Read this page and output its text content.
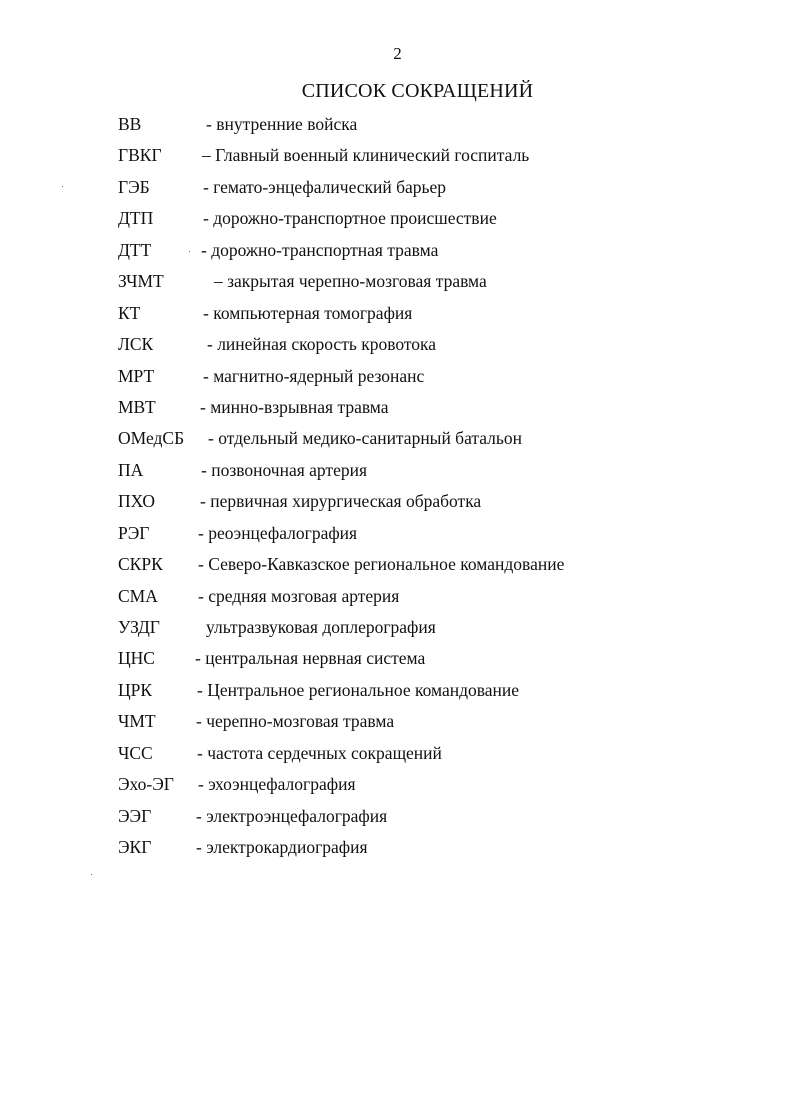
2
СПИСОК СОКРАЩЕНИЙ
ВВ	- внутренние войска
ГВКГ – Главный военный клинический госпиталь
ГЭБ	- гемато-энцефалический барьер
ДТП	- дорожно-транспортное происшествие
ДТТ	- дорожно-транспортная травма
ЗЧМТ	– закрытая черепно-мозговая травма
КТ	- компьютерная томография
ЛСК	- линейная скорость кровотока
МРТ	- магнитно-ядерный резонанс
МВТ	- минно-взрывная травма
ОМедСБ - отдельный медико-санитарный батальон
ПА	- позвоночная артерия
ПХО	- первичная хирургическая обработка
РЭГ	- реоэнцефалография
СКРК - Северо-Кавказское региональное командование
СМА - средняя мозговая артерия
УЗДГ	ультразвуковая доплерография
ЦНС - центральная нервная система
ЦРК	- Центральное региональное командование
ЧМТ - черепно-мозговая травма
ЧСС	- частота сердечных сокращений
Эхо-ЭГ - эхоэнцефалография
ЭЭГ	- электроэнцефалография
ЭКГ	- электрокардиография
